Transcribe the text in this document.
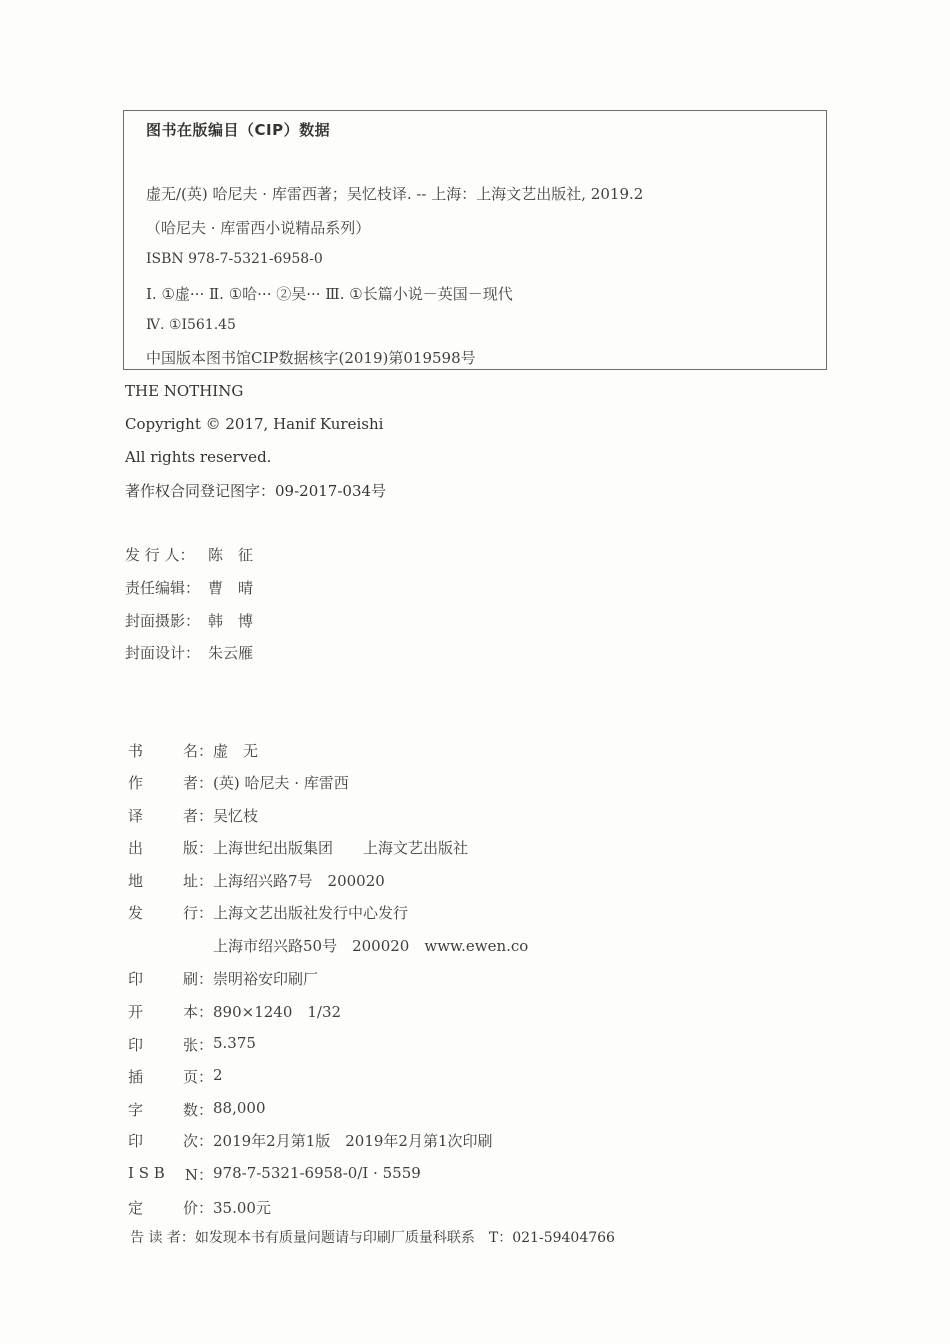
图书在版编目（CIP）数据
虚无/(英) 哈尼夫 · 库雷西著；吴忆枝译. -- 上海：上海文艺出版社, 2019.2
（哈尼夫 · 库雷西小说精品系列）
ISBN 978-7-5321-6958-0
Ⅰ. ①虚··· Ⅱ. ①哈··· ②吴··· Ⅲ. ①长篇小说－英国－现代
Ⅳ. ①I561.45
中国版本图书馆CIP数据核字(2019)第019598号
THE NOTHING
Copyright © 2017, Hanif Kureishi
All rights reserved.
著作权合同登记图字：09-2017-034号
发 行 人： 陈　征
责任编辑： 曹　晴
封面摄影： 韩　博
封面设计： 朱云雁
书	名： 虚　无
作	者： (英) 哈尼夫 · 库雷西
译	者： 吴忆枝
出	版： 上海世纪出版集团　　上海文艺出版社
地	址： 上海绍兴路7号　200020
发	行： 上海文艺出版社发行中心发行
上海市绍兴路50号　200020　www.ewen.co
印	刷： 崇明裕安印刷厂
开	本： 890×1240　1/32
印	张： 5.375
插	页： 2
字	数： 88,000
印	次： 2019年2月第1版　2019年2月第1次印刷
I S B N： 978-7-5321-6958-0/I · 5559
定	价： 35.00元
告 读 者：如发现本书有质量问题请与印刷厂质量科联系　T：021-59404766
